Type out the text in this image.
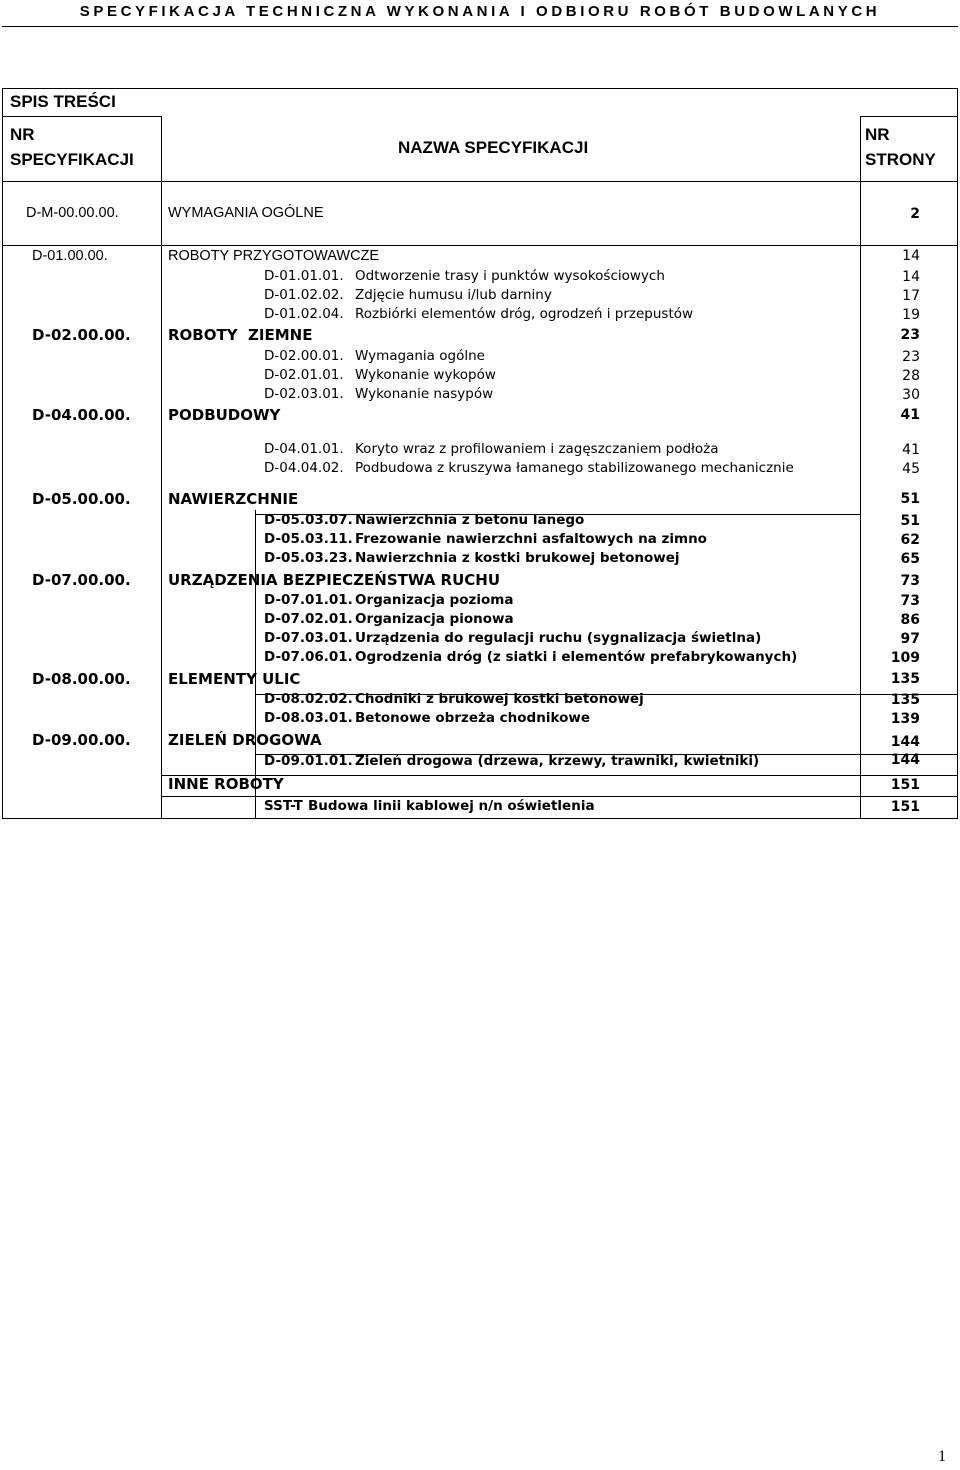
SPECYFIKACJA TECHNICZNA WYKONANIA I ODBIORU ROBÓT BUDOWLANYCH
SPIS TREŚCI
NR
SPECYFIKACJI
NAZWA SPECYFIKACJI
NR
STRONY
D-M-00.00.00.	WYMAGANIA OGÓLNE	2
D-01.00.00.	ROBOTY PRZYGOTOWAWCZE	14
D-01.01.01. Odtworzenie trasy i punktów wysokościowych	14
D-01.02.02. Zdjęcie humusu i/lub darniny	17
D-01.02.04. Rozbiórki elementów dróg, ogrodzeń i przepustów	19
D-02.00.00. ROBOTY  ZIEMNE	23
D-02.00.01. Wymagania ogólne	23
D-02.01.01. Wykonanie wykopów	28
D-02.03.01. Wykonanie nasypów	30
D-04.00.00. PODBUDOWY	41
D-04.01.01. Koryto wraz z profilowaniem i zagęszczaniem podłoża	41
D-04.04.02. Podbudowa z kruszywa łamanego stabilizowanego mechanicznie	45
D-05.00.00. NAWIERZCHNIE	51
D-05.03.07. Nawierzchnia z betonu lanego	51
D-05.03.11. Frezowanie nawierzchni asfaltowych na zimno	62
D-05.03.23. Nawierzchnia z kostki brukowej betonowej	65
D-07.00.00. URZĄDZENIA BEZPIECZEŃSTWA RUCHU	73
D-07.01.01. Organizacja pozioma	73
D-07.02.01. Organizacja pionowa	86
D-07.03.01. Urządzenia do regulacji ruchu (sygnalizacja świetlna)	97
D-07.06.01. Ogrodzenia dróg (z siatki i elementów prefabrykowanych)	109
D-08.00.00. ELEMENTY ULIC	135
D-08.02.02. Chodniki z brukowej kostki betonowej	135
D-08.03.01. Betonowe obrzeża chodnikowe	139
D-09.00.00. ZIELEŃ DROGOWA	144
D-09.01.01. Zieleń drogowa (drzewa, krzewy, trawniki, kwietniki)	144
INNE ROBOTY	151
SST-T Budowa linii kablowej n/n oświetlenia	151
1
